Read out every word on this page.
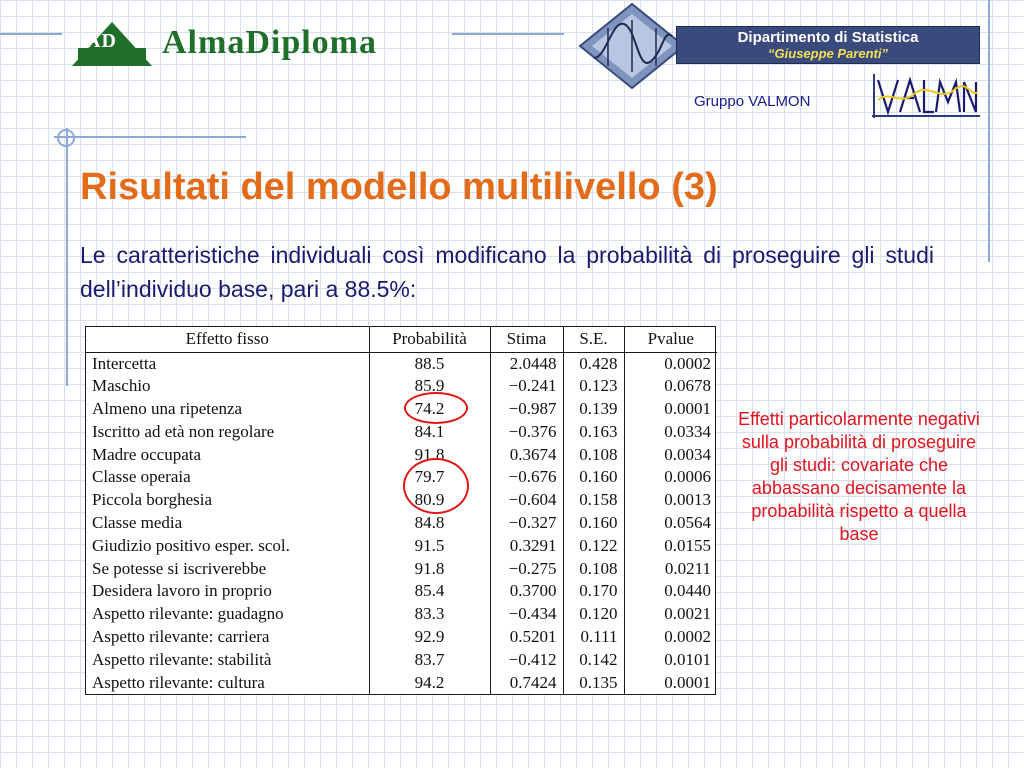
AD AlmaDiploma	Dipartimento di Statistica
“Giuseppe Parenti”
Gruppo VALMON
Risultati del modello multilivello (3)

Le caratteristiche individuali così modificano la probabilità di proseguire gli studi dell’individuo base, pari a 88.5%:

Effetto fisso	Probabilità	Stima	S.E.	Pvalue
Intercetta	88.5	2.0448	0.428	0.0002
Maschio	85.9	−0.241	0.123	0.0678
Almeno una ripetenza	74.2	−0.987	0.139	0.0001
Iscritto ad età non regolare	84.1	−0.376	0.163	0.0334
Madre occupata	91.8	0.3674	0.108	0.0034
Classe operaia	79.7	−0.676	0.160	0.0006
Piccola borghesia	80.9	−0.604	0.158	0.0013
Classe media	84.8	−0.327	0.160	0.0564
Giudizio positivo esper. scol.	91.5	0.3291	0.122	0.0155
Se potesse si iscriverebbe	91.8	−0.275	0.108	0.0211
Desidera lavoro in proprio	85.4	0.3700	0.170	0.0440
Aspetto rilevante: guadagno	83.3	−0.434	0.120	0.0021
Aspetto rilevante: carriera	92.9	0.5201	0.111	0.0002
Aspetto rilevante: stabilità	83.7	−0.412	0.142	0.0101
Aspetto rilevante: cultura	94.2	0.7424	0.135	0.0001
Effetti particolarmente negativi sulla probabilità di proseguire gli studi: covariate che abbassano decisamente la probabilità rispetto a quella base
